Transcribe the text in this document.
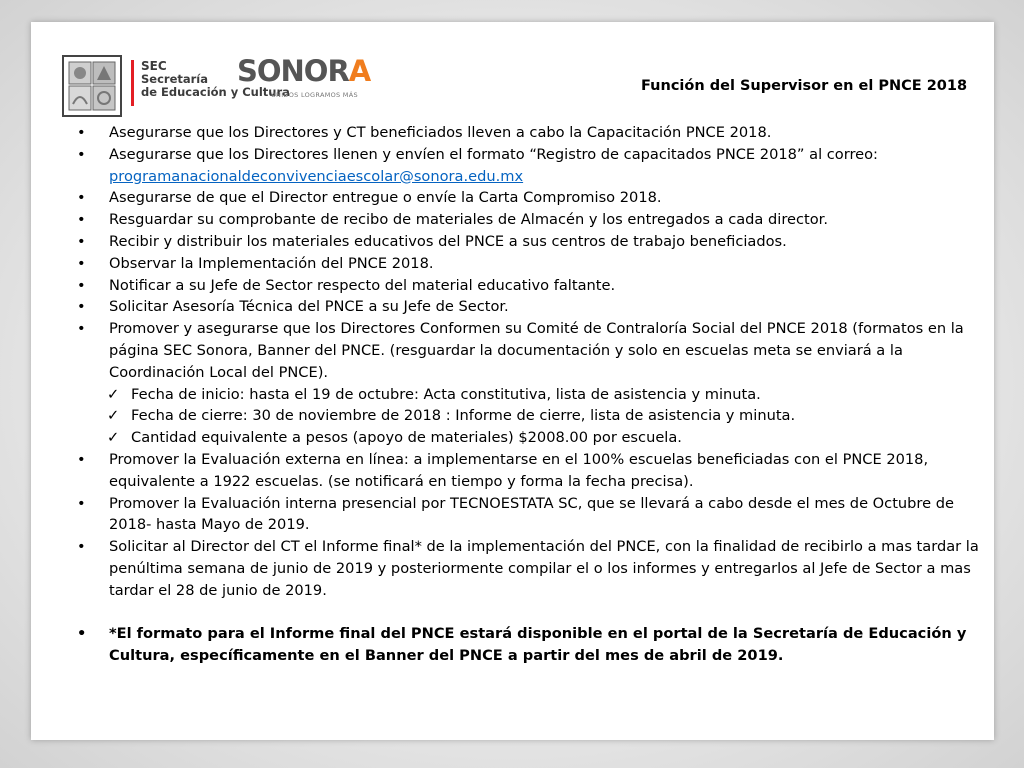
SEC
Secretaría
de Educación y Cultura
SONORA
UNIDOS LOGRAMOS MÁS
Función del Supervisor en el PNCE 2018
•	Asegurarse que los Directores y CT beneficiados lleven a cabo la Capacitación PNCE 2018.
•	Asegurarse que los Directores llenen y envíen el formato “Registro de capacitados PNCE 2018” al correo:
programanacionaldeconvivenciaescolar@sonora.edu.mx
•	Asegurarse de que el Director entregue o envíe la Carta Compromiso 2018.
•	Resguardar su comprobante de recibo de materiales de Almacén y los entregados a cada director.
•	Recibir y distribuir los materiales educativos del PNCE a sus centros de trabajo beneficiados.
•	Observar la Implementación del PNCE 2018.
•	Notificar a su Jefe de Sector respecto del material educativo faltante.
•	Solicitar Asesoría Técnica del PNCE a su Jefe de Sector.
•	Promover y asegurarse que los Directores Conformen su Comité de Contraloría Social del PNCE 2018 (formatos en la página SEC Sonora, Banner del PNCE. (resguardar la documentación y solo en escuelas meta se enviará a la Coordinación Local del PNCE).
✓ Fecha de inicio: hasta el 19 de octubre: Acta constitutiva, lista de asistencia y minuta.
✓ Fecha de cierre: 30 de noviembre de 2018 : Informe de cierre, lista de asistencia y minuta.
✓ Cantidad equivalente a pesos (apoyo de materiales) $2008.00 por escuela.
•	Promover la Evaluación externa en línea: a implementarse en el 100% escuelas beneficiadas con el PNCE 2018, equivalente a 1922 escuelas. (se notificará en tiempo y forma la fecha precisa).
•	Promover la Evaluación interna presencial por TECNOESTATA SC, que se llevará a cabo desde el mes de Octubre de 2018- hasta Mayo de 2019.
•	Solicitar al Director del CT el Informe final* de la implementación del PNCE, con la finalidad de recibirlo a mas tardar la penúltima semana de junio de 2019 y posteriormente compilar el o los informes y entregarlos al Jefe de Sector a mas tardar el 28 de junio de 2019.
•	*El formato para el Informe final del PNCE estará disponible en el portal de la Secretaría de Educación y Cultura, específicamente en el Banner del PNCE a partir del mes de abril de 2019.
